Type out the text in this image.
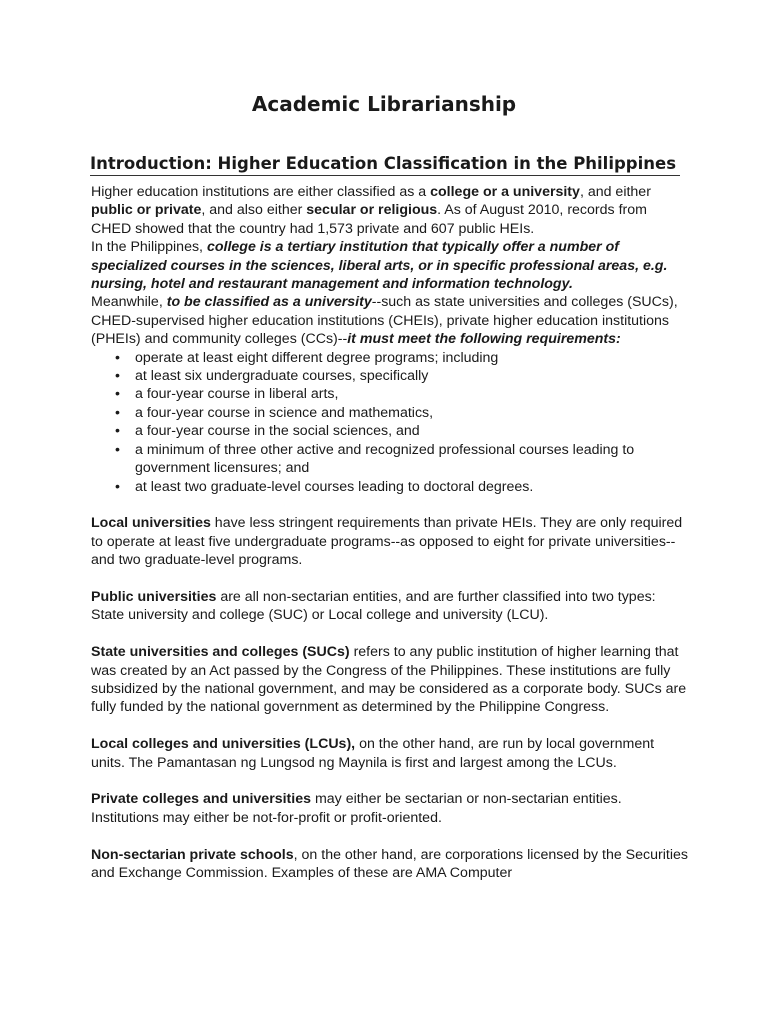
Academic Librarianship
Introduction: Higher Education Classification in the Philippines

Higher education institutions are either classified as a college or a university, and either public or private, and also either secular or religious. As of August 2010, records from CHED showed that the country had 1,573 private and 607 public HEIs.

In the Philippines, college is a tertiary institution that typically offer a number of specialized courses in the sciences, liberal arts, or in specific professional areas, e.g. nursing, hotel and restaurant management and information technology.

Meanwhile, to be classified as a university--such as state universities and colleges (SUCs), CHED-supervised higher education institutions (CHEIs), private higher education institutions (PHEIs) and community colleges (CCs)--it must meet the following requirements:

• operate at least eight different degree programs; including
• at least six undergraduate courses, specifically
• a four-year course in liberal arts,
• a four-year course in science and mathematics,
• a four-year course in the social sciences, and
• a minimum of three other active and recognized professional courses leading to government licensures; and
• at least two graduate-level courses leading to doctoral degrees.

Local universities have less stringent requirements than private HEIs. They are only required to operate at least five undergraduate programs--as opposed to eight for private universities--and two graduate-level programs.

Public universities are all non-sectarian entities, and are further classified into two types: State university and college (SUC) or Local college and university (LCU).

State universities and colleges (SUCs) refers to any public institution of higher learning that was created by an Act passed by the Congress of the Philippines. These institutions are fully subsidized by the national government, and may be considered as a corporate body. SUCs are fully funded by the national government as determined by the Philippine Congress.

Local colleges and universities (LCUs), on the other hand, are run by local government units. The Pamantasan ng Lungsod ng Maynila is first and largest among the LCUs.

Private colleges and universities may either be sectarian or non-sectarian entities. Institutions may either be not-for-profit or profit-oriented.

Non-sectarian private schools, on the other hand, are corporations licensed by the Securities and Exchange Commission. Examples of these are AMA Computer
